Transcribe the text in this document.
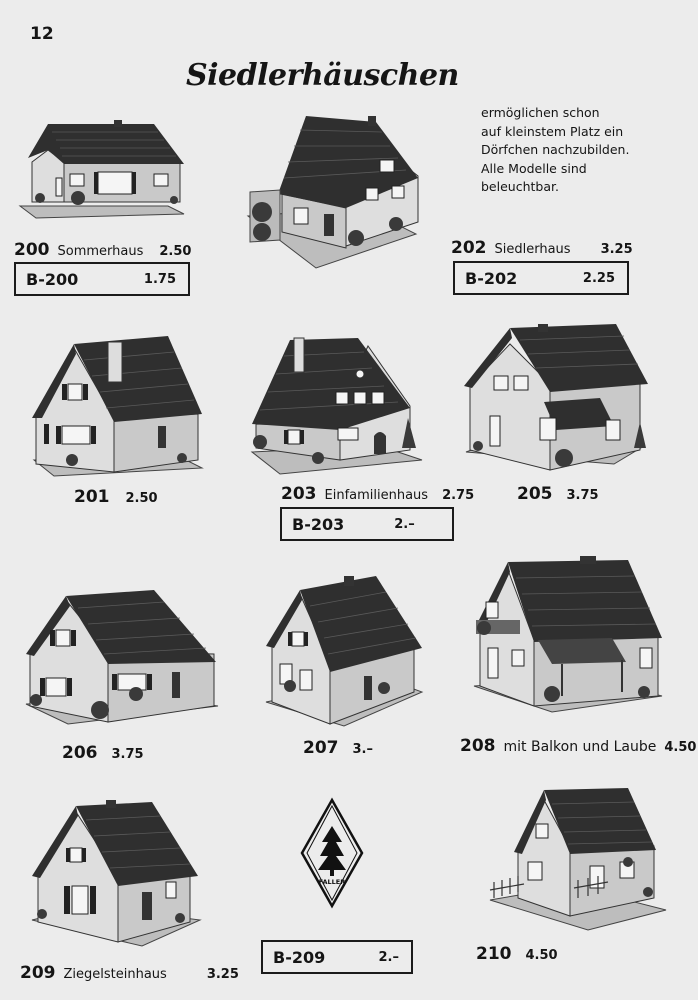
12
Siedlerhäuschen
ermöglichen schon
auf kleinstem Platz ein
Dörfchen nachzubilden.
Alle Modelle sind
beleuchtbar.
200 Sommerhaus 2.50
B-200	1.75
202 Siedlerhaus 3.25
B-202	2.25
201 2.50	203 Einfamilienhaus 2.75
B-203	2.–
205 3.75
206 3.75	207 3.–	208 mit Balkon und Laube 4.50
209 Ziegelsteinhaus	3.25
B-209	2.–	210 4.50
FALLER
